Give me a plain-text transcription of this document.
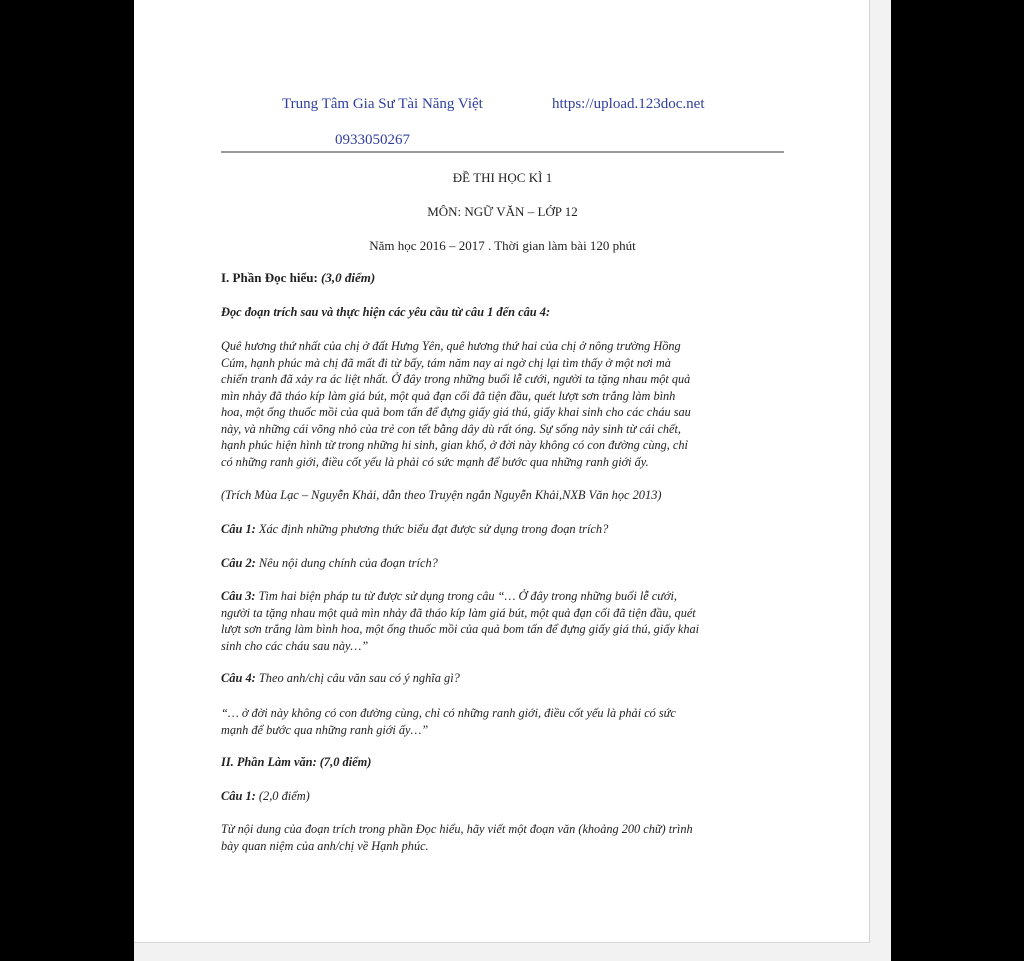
Trung Tâm Gia Sư Tài Năng Việt	https://upload.123doc.net
0933050267
ĐỀ THI HỌC KÌ 1
MÔN: NGỮ VĂN – LỚP 12
Năm học 2016 – 2017 . Thời gian làm bài 120 phút
I. Phần Đọc hiểu: (3,0 điểm)
Đọc đoạn trích sau và thực hiện các yêu cầu từ câu 1 đến câu 4:
Quê hương thứ nhất của chị ở đất Hưng Yên, quê hương thứ hai của chị ở nông trường Hồng
Cúm, hạnh phúc mà chị đã mất đi từ bấy, tám năm nay ai ngờ chị lại tìm thấy ở một nơi mà
chiến tranh đã xảy ra ác liệt nhất. Ở đây trong những buổi lễ cưới, người ta tặng nhau một quả
mìn nhảy đã tháo kíp làm giá bút, một quả đạn cối đã tiện đầu, quét lượt sơn trắng làm bình
hoa, một ống thuốc mồi của quả bom tấn để đựng giấy giá thú, giấy khai sinh cho các cháu sau
này, và những cái võng nhỏ của trẻ con tết bằng dây dù rất óng. Sự sống nảy sinh từ cái chết,
hạnh phúc hiện hình từ trong những hi sinh, gian khổ, ở đời này không có con đường cùng, chỉ
có những ranh giới, điều cốt yếu là phải có sức mạnh để bước qua những ranh giới ấy.
(Trích Mùa Lạc – Nguyễn Khải, dẫn theo Truyện ngắn Nguyễn Khải,NXB Văn học 2013)
Câu 1: Xác định những phương thức biểu đạt được sử dụng trong đoạn trích?
Câu 2: Nêu nội dung chính của đoạn trích?
Câu 3: Tìm hai biện pháp tu từ được sử dụng trong câu “… Ở đây trong những buổi lễ cưới,
người ta tặng nhau một quả mìn nhảy đã tháo kíp làm giá bút, một quả đạn cối đã tiện đầu, quét
lượt sơn trắng làm bình hoa, một ống thuốc mồi của quả bom tấn để đựng giấy giá thú, giấy khai
sinh cho các cháu sau này…”
Câu 4: Theo anh/chị câu văn sau có ý nghĩa gì?
“… ở đời này không có con đường cùng, chỉ có những ranh giới, điều cốt yếu là phải có sức
mạnh để bước qua những ranh giới ấy…”
II. Phần Làm văn: (7,0 điểm)
Câu 1: (2,0 điểm)
Từ nội dung của đoạn trích trong phần Đọc hiểu, hãy viết một đoạn văn (khoảng 200 chữ) trình
bày quan niệm của anh/chị về Hạnh phúc.
